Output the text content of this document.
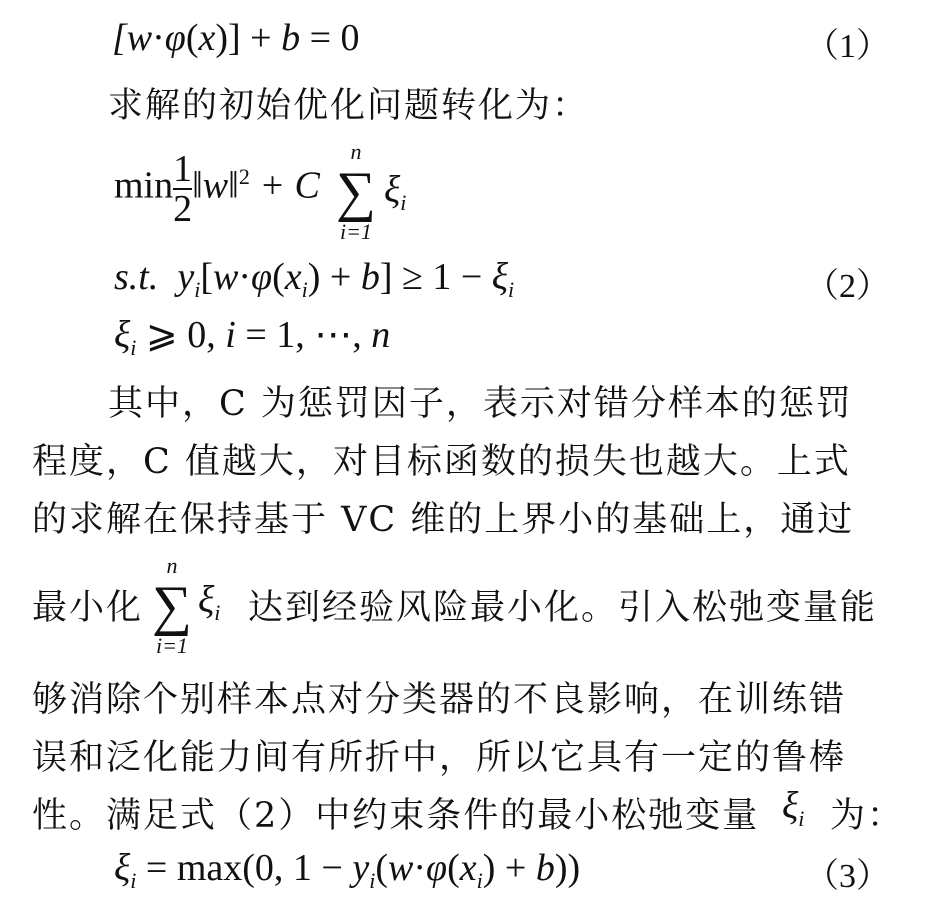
[w·φ(x)] + b = 0	（1）
求解的初始优化问题转化为：
$\min \frac{1}{2}$ ‖w‖$^2$ + C
n
∑
i=1
$\xi_i$
s.t. $y_i[w\cdot\varphi(x_i) + b] \ge 1 - \xi_i$	（2）
$\xi_i$ ⩾ 0, i = 1, ⋯, n
其中，C 为惩罚因子，表示对错分样本的惩罚
程度，C 值越大，对目标函数的损失也越大。上式
的求解在保持基于 VC 维的上界小的基础上，通过
最小化
n
∑
i=1
$\xi_i$ 达到经验风险最小化。引入松弛变量能
够消除个别样本点对分类器的不良影响，在训练错
误和泛化能力间有所折中，所以它具有一定的鲁棒
性。满足式（2）中约束条件的最小松弛变量 $\xi_i$ 为：
$\xi_i = \max(0$, $1 - y_i(w\cdot\varphi(x_i) + b)$)	（3）
